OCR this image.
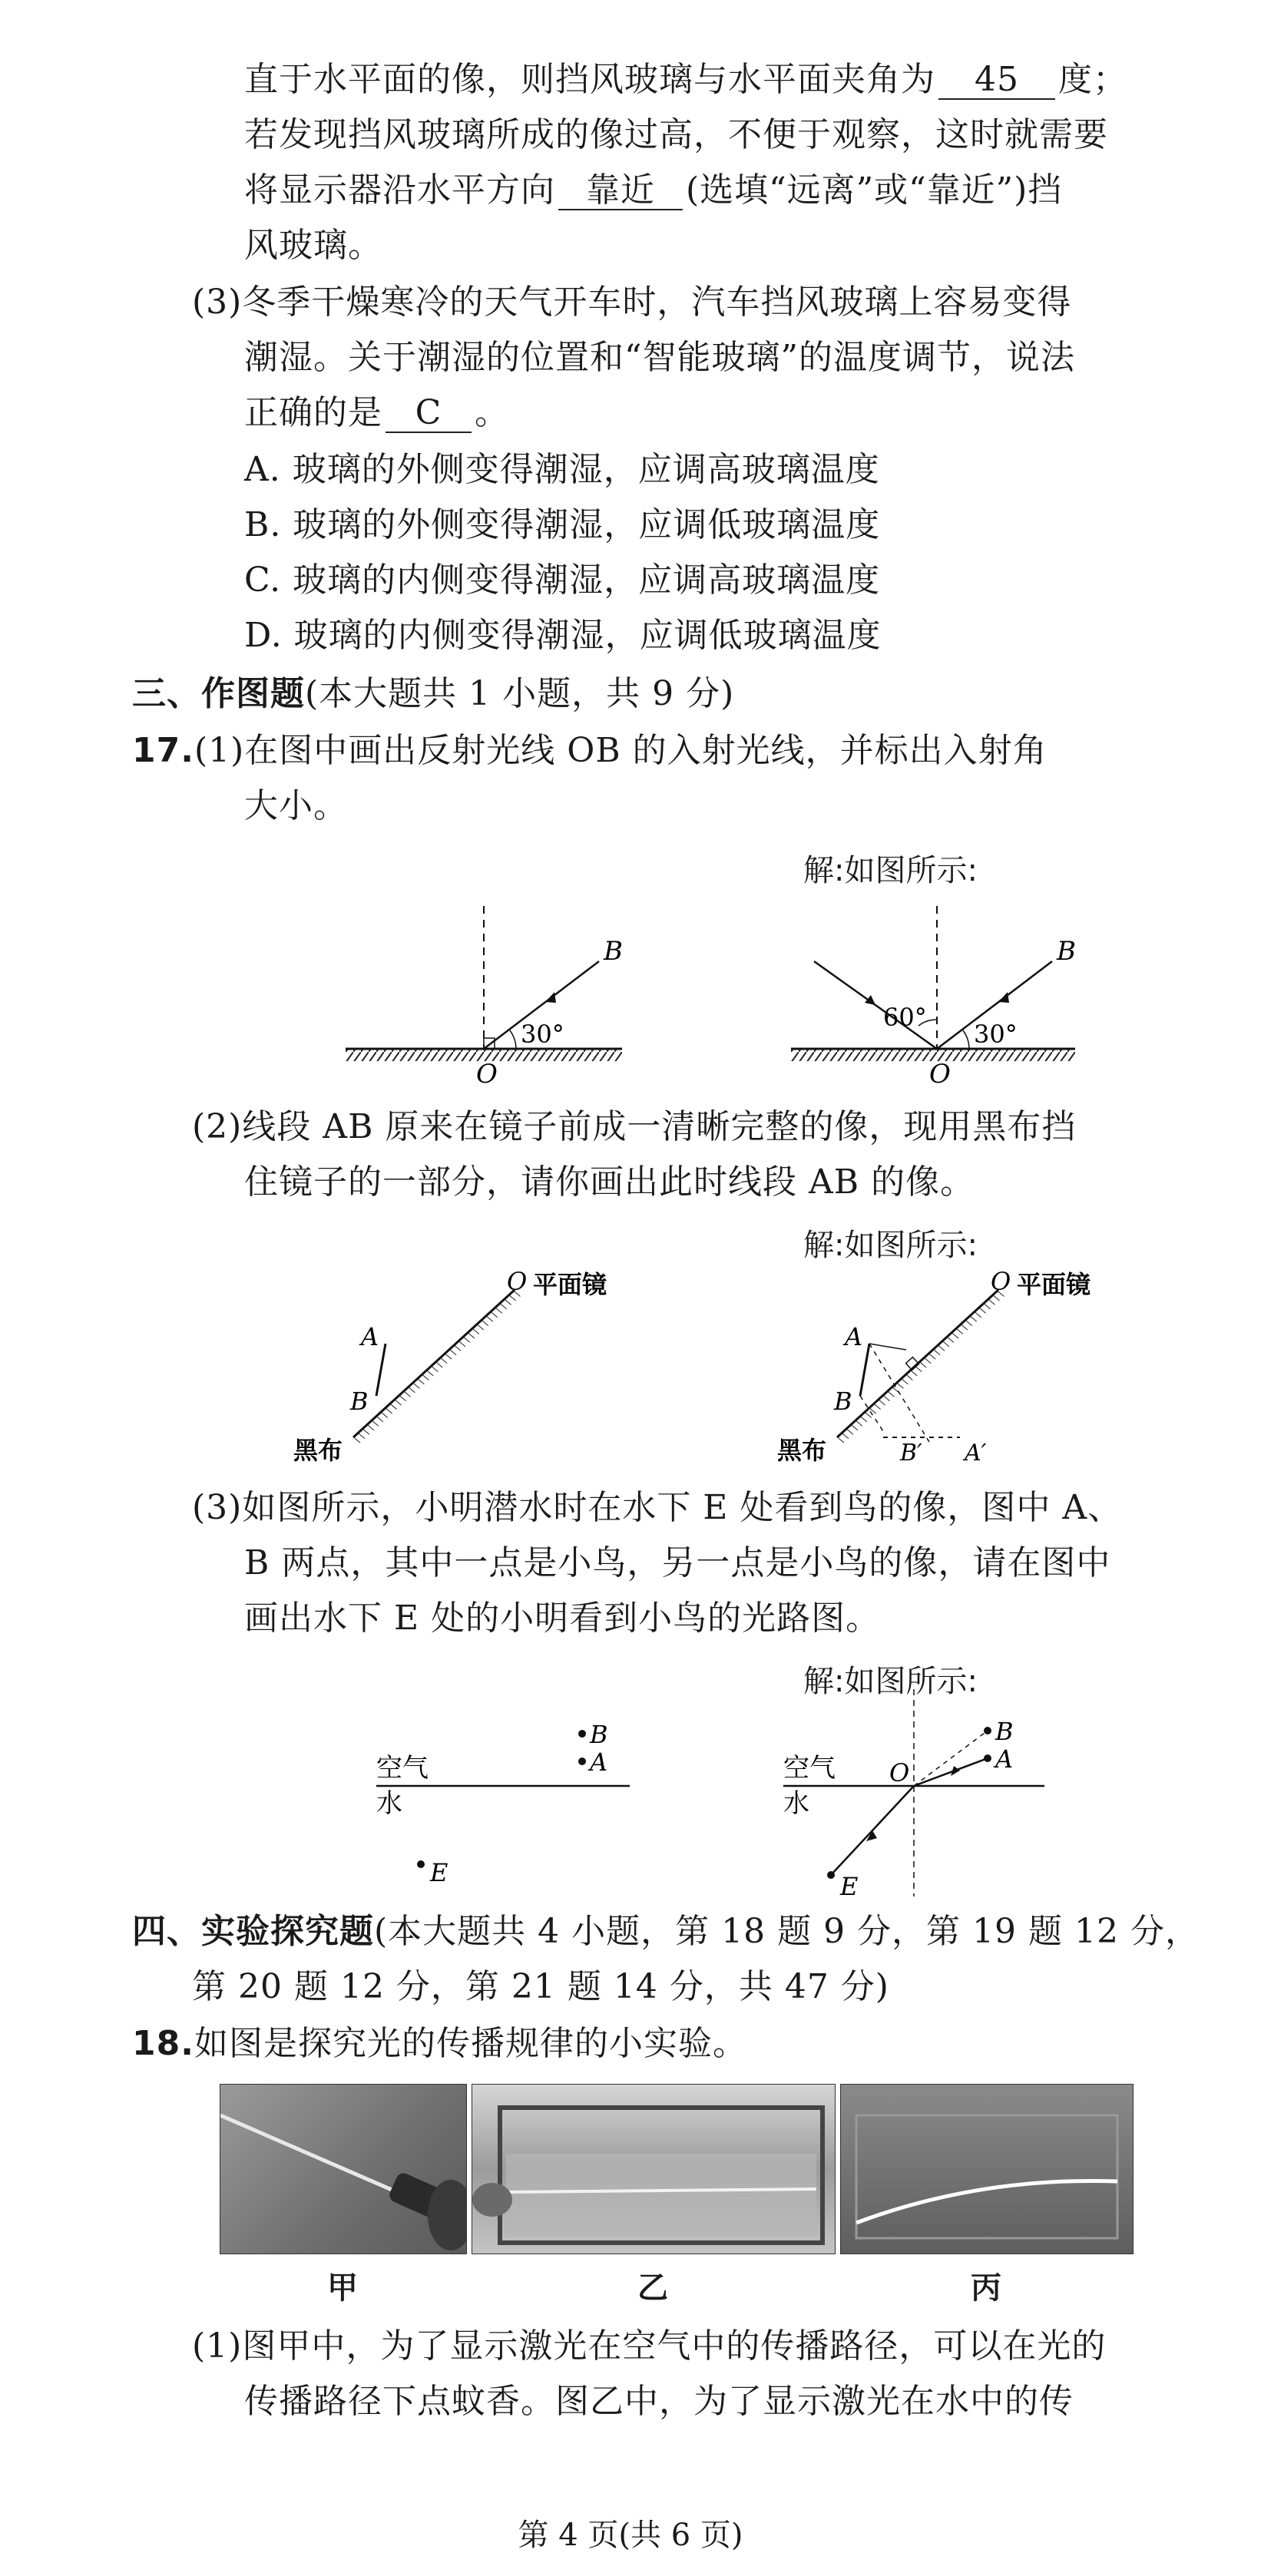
直于水平面的像，则挡风玻璃与水平面夹角为 45 度；
若发现挡风玻璃所成的像过高，不便于观察，这时就需要
将显示器沿水平方向 靠近 (选填“远离”或“靠近”)挡
风玻璃。
(3)冬季干燥寒冷的天气开车时，汽车挡风玻璃上容易变得
潮湿。关于潮湿的位置和“智能玻璃”的温度调节，说法
正确的是 C 。
A. 玻璃的外侧变得潮湿，应调高玻璃温度
B. 玻璃的外侧变得潮湿，应调低玻璃温度
C. 玻璃的内侧变得潮湿，应调高玻璃温度
D. 玻璃的内侧变得潮湿，应调低玻璃温度
三、作图题(本大题共 1 小题，共 9 分)
17.(1)在图中画出反射光线 OB 的入射光线，并标出入射角
大小。
解:如图所示:
B
30°
O
B
60°
30°
O
(2)线段 AB 原来在镜子前成一清晰完整的像，现用黑布挡
住镜子的一部分，请你画出此时线段 AB 的像。
解:如图所示:
A
B
O 平面镜
黑布
A
B
O 平面镜
黑布	B′ A′
(3)如图所示，小明潜水时在水下 E 处看到鸟的像，图中 A、
B 两点，其中一点是小鸟，另一点是小鸟的像，请在图中
画出水下 E 处的小明看到小鸟的光路图。
解:如图所示:
B
A
E
空气
水
B
A
E
O
空气
水
四、实验探究题(本大题共 4 小题，第 18 题 9 分，第 19 题 12 分，
第 20 题 12 分，第 21 题 14 分，共 47 分)
18.如图是探究光的传播规律的小实验。
甲	乙	丙
(1)图甲中，为了显示激光在空气中的传播路径，可以在光的
传播路径下点蚊香。图乙中，为了显示激光在水中的传
第 4 页(共 6 页)
